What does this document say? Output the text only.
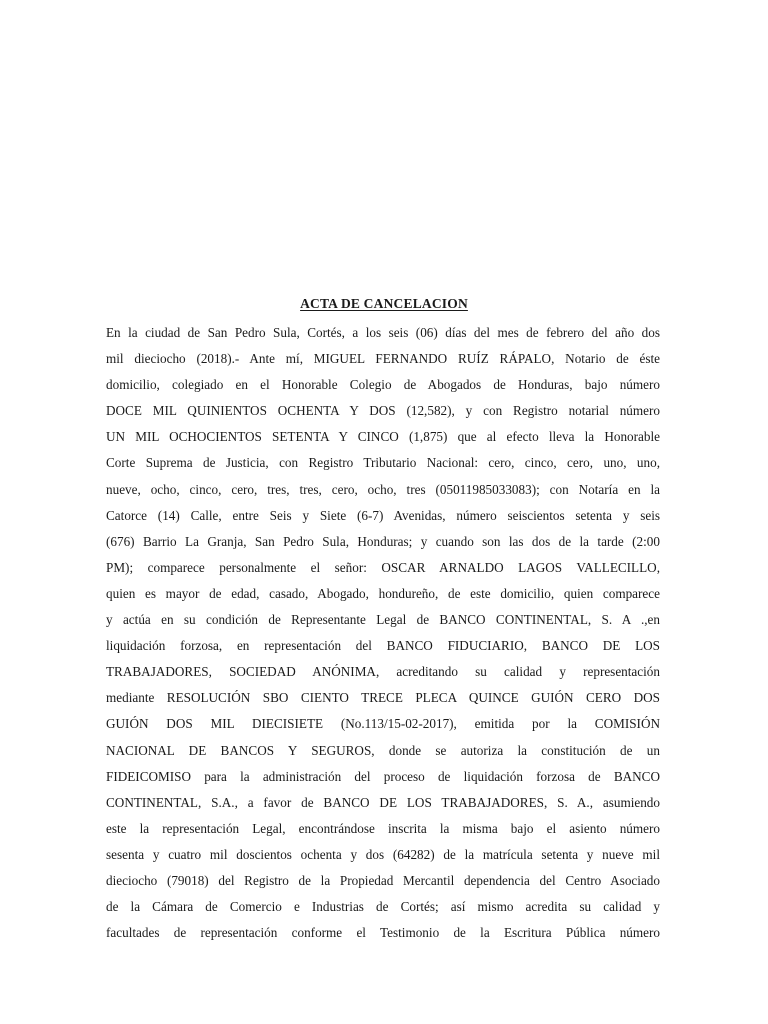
ACTA DE CANCELACION
En la ciudad de San Pedro Sula, Cortés, a los seis (06) días del mes de febrero del año dos
mil dieciocho (2018).- Ante mí, MIGUEL FERNANDO RUÍZ RÁPALO, Notario de éste
domicilio, colegiado en el Honorable Colegio de Abogados de Honduras, bajo número
DOCE MIL QUINIENTOS OCHENTA Y DOS (12,582), y con Registro notarial número
UN MIL OCHOCIENTOS SETENTA Y CINCO (1,875) que al efecto lleva la Honorable
Corte Suprema de Justicia, con Registro Tributario Nacional: cero, cinco, cero, uno, uno,
nueve, ocho, cinco, cero, tres, tres, cero, ocho, tres (05011985033083); con Notaría en la
Catorce (14) Calle, entre Seis y Siete (6-7) Avenidas, número seiscientos setenta y seis
(676) Barrio La Granja, San Pedro Sula, Honduras; y cuando son las dos de la tarde (2:00
PM); comparece personalmente el señor: OSCAR ARNALDO LAGOS VALLECILLO,
quien es mayor de edad, casado, Abogado, hondureño, de este domicilio, quien comparece
y actúa en su condición de Representante Legal de BANCO CONTINENTAL, S. A .,en
liquidación forzosa, en representación del BANCO FIDUCIARIO, BANCO DE LOS
TRABAJADORES, SOCIEDAD ANÓNIMA, acreditando su calidad y representación
mediante RESOLUCIÓN SBO CIENTO TRECE PLECA QUINCE GUIÓN CERO DOS
GUIÓN DOS MIL DIECISIETE (No.113/15-02-2017), emitida por la COMISIÓN
NACIONAL DE BANCOS Y SEGUROS, donde se autoriza la constitución de un
FIDEICOMISO para la administración del proceso de liquidación forzosa de BANCO
CONTINENTAL, S.A., a favor de BANCO DE LOS TRABAJADORES, S. A., asumiendo
este la representación Legal, encontrándose inscrita la misma bajo el asiento número
sesenta y cuatro mil doscientos ochenta y dos (64282) de la matrícula setenta y nueve mil
dieciocho (79018) del Registro de la Propiedad Mercantil dependencia del Centro Asociado
de la Cámara de Comercio e Industrias de Cortés; así mismo acredita su calidad y
facultades de representación conforme el Testimonio de la Escritura Pública número
